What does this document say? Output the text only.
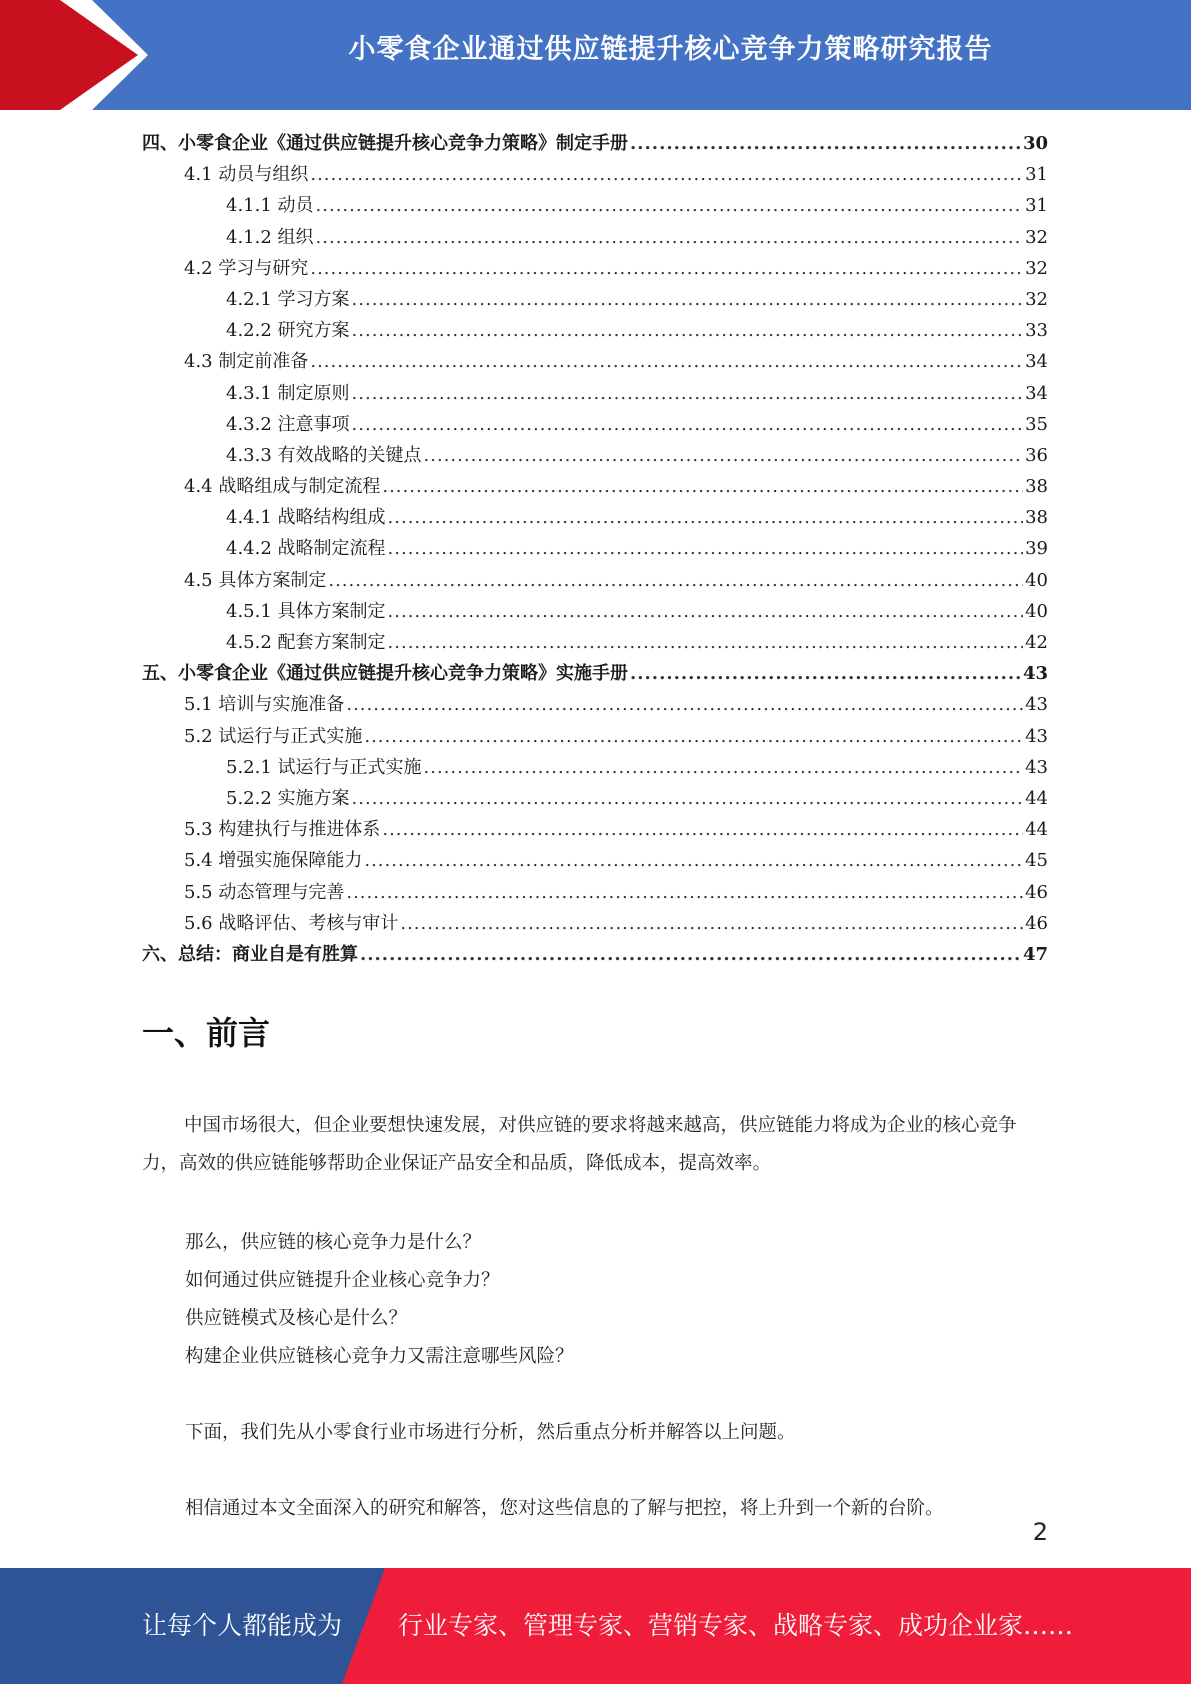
小零食企业通过供应链提升核心竞争力策略研究报告
四、小零食企业《通过供应链提升核心竞争力策略》制定手册 .....	30
4.1 动员与组织 .....	31
4.1.1 动员 .....	31
4.1.2 组织 .....	32
4.2 学习与研究 .....	32
4.2.1 学习方案 .....	32
4.2.2 研究方案 .....	33
4.3 制定前准备 .....	34
4.3.1 制定原则 .....	34
4.3.2 注意事项 .....	35
4.3.3 有效战略的关键点 .....	36
4.4 战略组成与制定流程 .....	38
4.4.1 战略结构组成 .....	38
4.4.2 战略制定流程 .....	39
4.5 具体方案制定 .....	40
4.5.1 具体方案制定 .....	40
4.5.2 配套方案制定 .....	42
五、小零食企业《通过供应链提升核心竞争力策略》实施手册 .....	43
5.1 培训与实施准备 .....	43
5.2 试运行与正式实施 .....	43
5.2.1 试运行与正式实施 .....	43
5.2.2 实施方案 .....	44
5.3 构建执行与推进体系 .....	44
5.4 增强实施保障能力 .....	45
5.5 动态管理与完善 .....	46
5.6 战略评估、考核与审计 .....	46
六、总结：商业自是有胜算 .....	47
一、前言
中国市场很大，但企业要想快速发展，对供应链的要求将越来越高，供应链能力将成为企业的核心竞争力，高效的供应链能够帮助企业保证产品安全和品质，降低成本，提高效率。
那么，供应链的核心竞争力是什么？
如何通过供应链提升企业核心竞争力？
供应链模式及核心是什么？
构建企业供应链核心竞争力又需注意哪些风险？
下面，我们先从小零食行业市场进行分析，然后重点分析并解答以上问题。
相信通过本文全面深入的研究和解答，您对这些信息的了解与把控，将上升到一个新的台阶。
2
让每个人都能成为 行业专家、管理专家、营销专家、战略专家、成功企业家……
